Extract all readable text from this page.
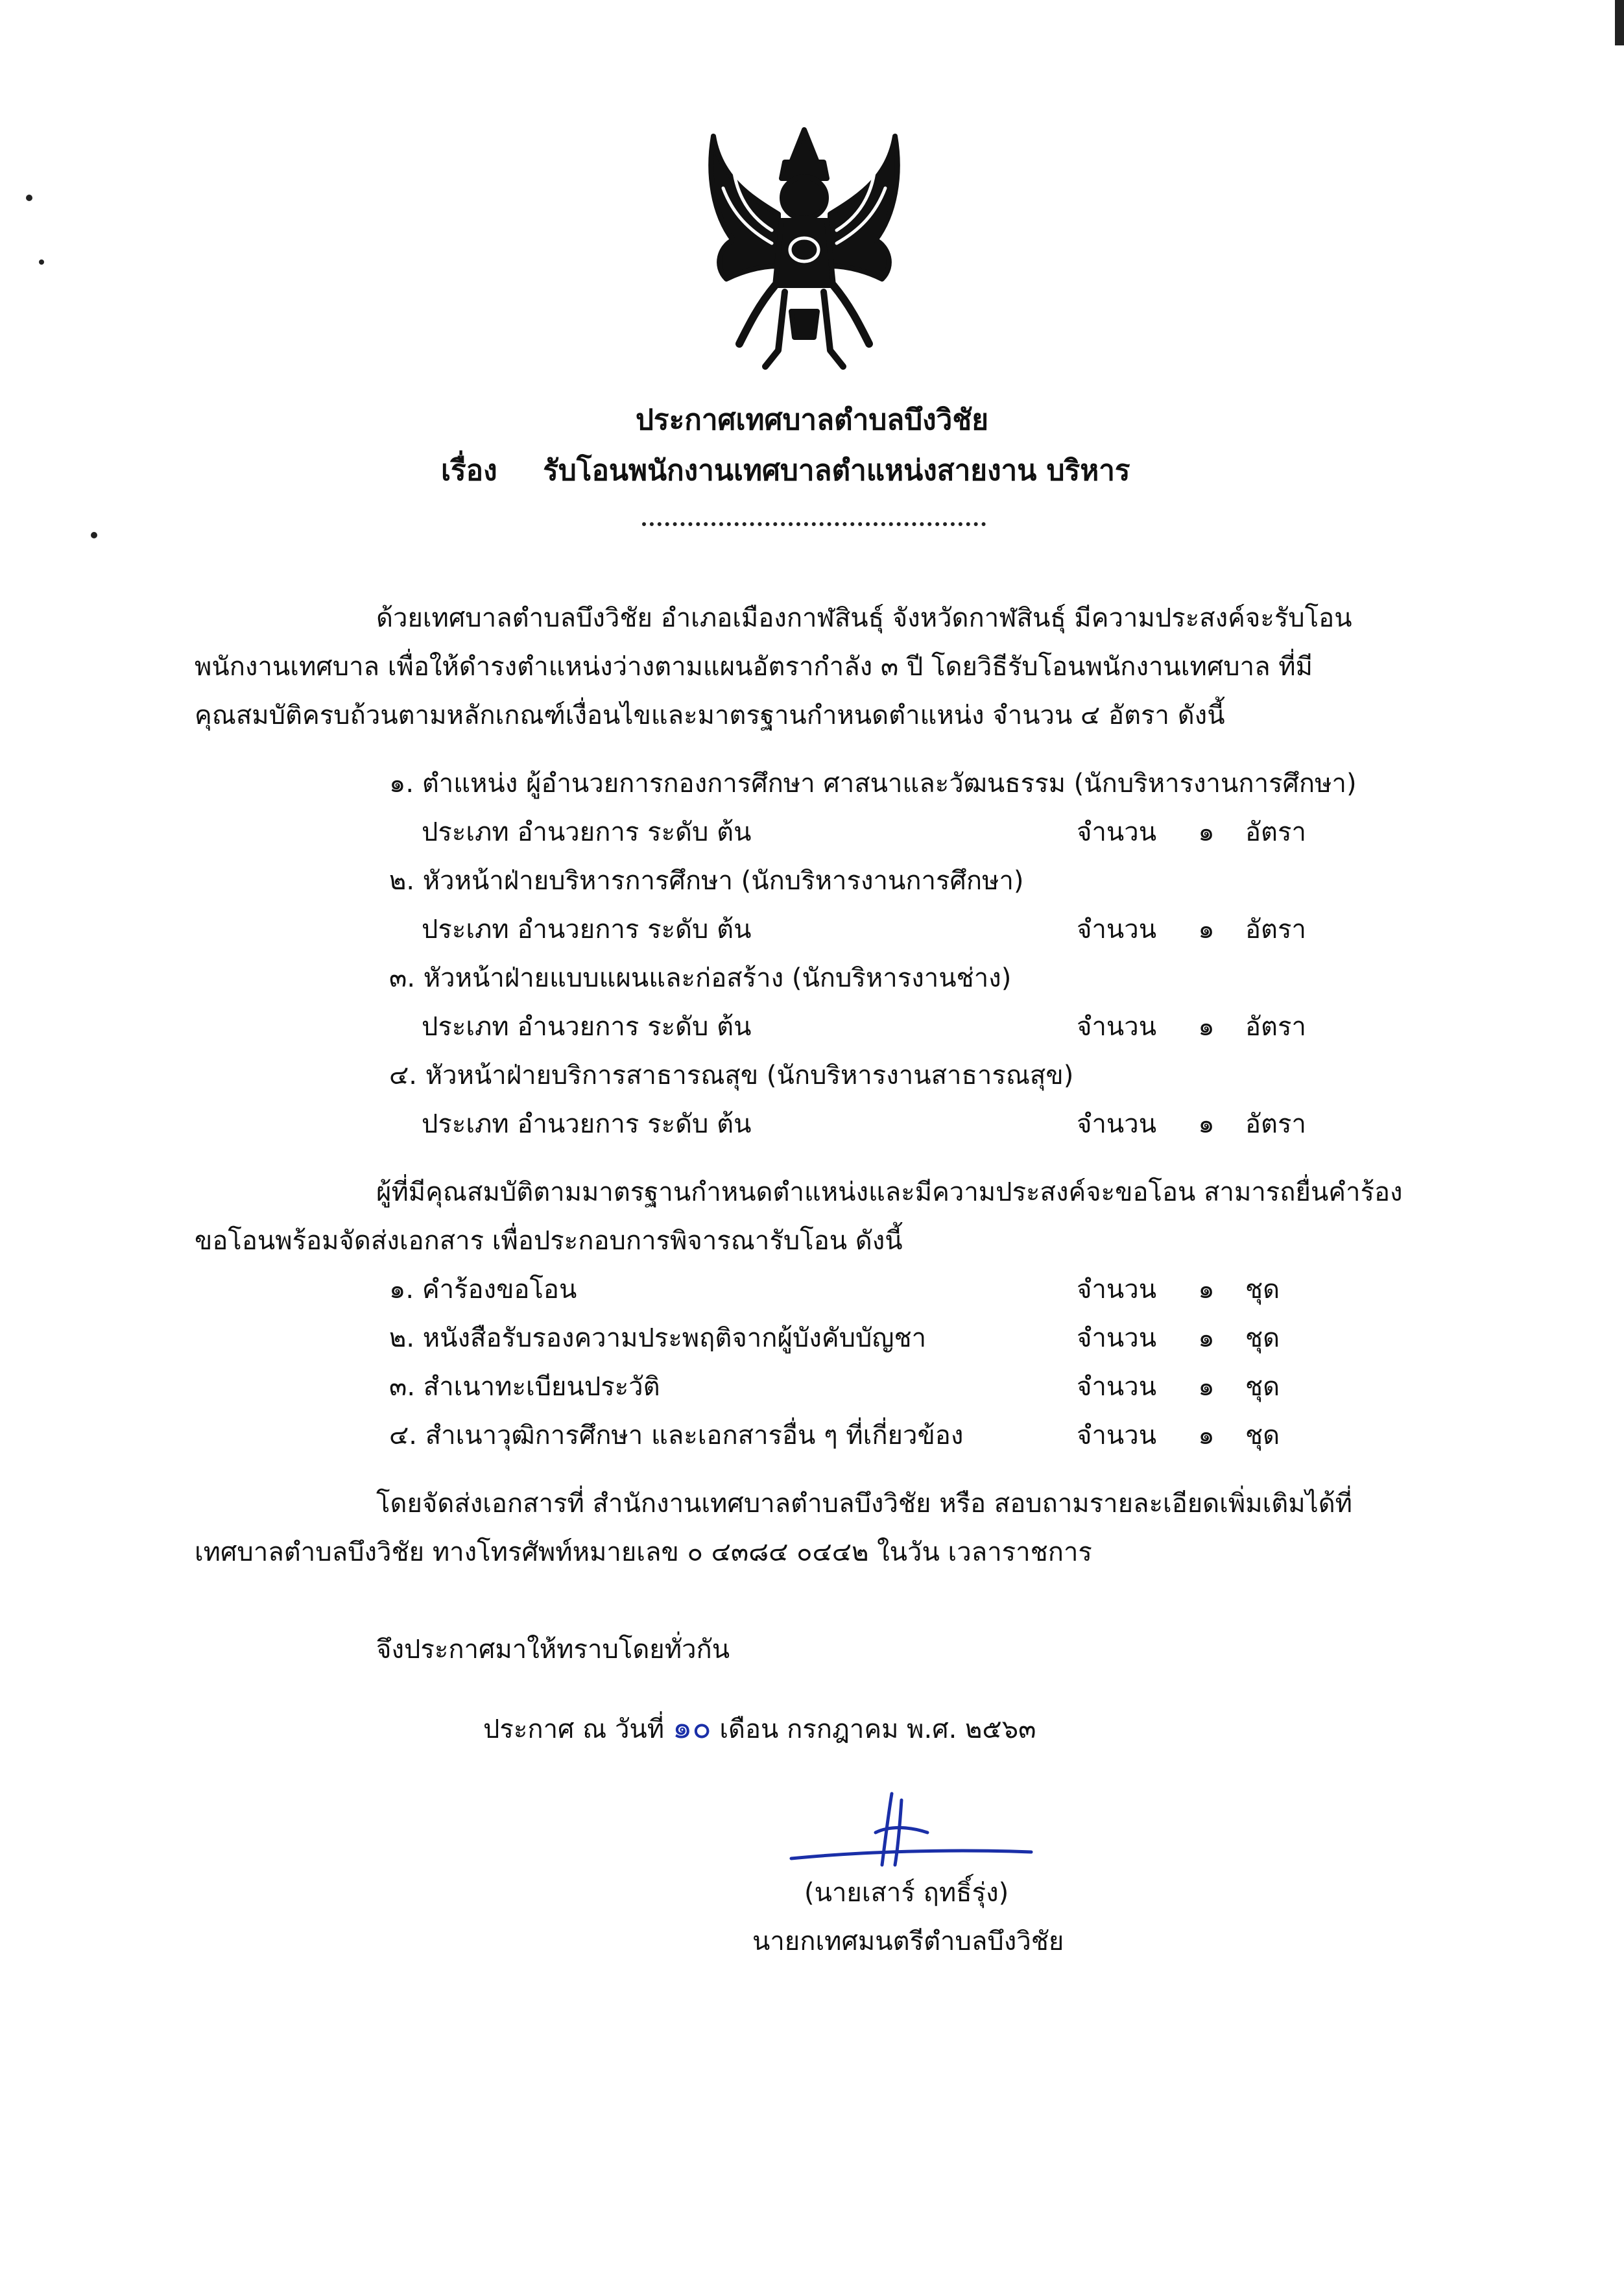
ประกาศเทศบาลตำบลบึงวิชัย
เรื่อง รับโอนพนักงานเทศบาลตำแหน่งสายงาน บริหาร
ด้วยเทศบาลตำบลบึงวิชัย อำเภอเมืองกาฬสินธุ์ จังหวัดกาฬสินธุ์ มีความประสงค์จะรับโอน
พนักงานเทศบาล เพื่อให้ดำรงตำแหน่งว่างตามแผนอัตรากำลัง ๓ ปี โดยวิธีรับโอนพนักงานเทศบาล ที่มี
คุณสมบัติครบถ้วนตามหลักเกณฑ์เงื่อนไขและมาตรฐานกำหนดตำแหน่ง จำนวน ๔ อัตรา ดังนี้
๑. ตำแหน่ง ผู้อำนวยการกองการศึกษา ศาสนาและวัฒนธรรม (นักบริหารงานการศึกษา)
ประเภท อำนวยการ ระดับ ต้น	จำนวน	๑	อัตรา
๒. หัวหน้าฝ่ายบริหารการศึกษา (นักบริหารงานการศึกษา)
ประเภท อำนวยการ ระดับ ต้น	จำนวน	๑	อัตรา
๓. หัวหน้าฝ่ายแบบแผนและก่อสร้าง (นักบริหารงานช่าง)
ประเภท อำนวยการ ระดับ ต้น	จำนวน	๑	อัตรา
๔. หัวหน้าฝ่ายบริการสาธารณสุข (นักบริหารงานสาธารณสุข)
ประเภท อำนวยการ ระดับ ต้น	จำนวน	๑	อัตรา
ผู้ที่มีคุณสมบัติตามมาตรฐานกำหนดตำแหน่งและมีความประสงค์จะขอโอน สามารถยื่นคำร้อง
ขอโอนพร้อมจัดส่งเอกสาร เพื่อประกอบการพิจารณารับโอน ดังนี้
๑. คำร้องขอโอน	จำนวน	๑	ชุด
๒. หนังสือรับรองความประพฤติจากผู้บังคับบัญชา	จำนวน	๑	ชุด
๓. สำเนาทะเบียนประวัติ	จำนวน	๑	ชุด
๔. สำเนาวุฒิการศึกษา และเอกสารอื่น ๆ ที่เกี่ยวข้อง	จำนวน	๑	ชุด
โดยจัดส่งเอกสารที่ สำนักงานเทศบาลตำบลบึงวิชัย หรือ สอบถามรายละเอียดเพิ่มเติมได้ที่
เทศบาลตำบลบึงวิชัย ทางโทรศัพท์หมายเลข ๐ ๔๓๘๔ ๐๔๔๒ ในวัน เวลาราชการ
จึงประกาศมาให้ทราบโดยทั่วกัน
ประกาศ ณ วันที่ ๑๐ เดือน กรกฎาคม พ.ศ. ๒๕๖๓
(นายเสาร์ ฤทธิ์รุ่ง)
นายกเทศมนตรีตำบลบึงวิชัย
